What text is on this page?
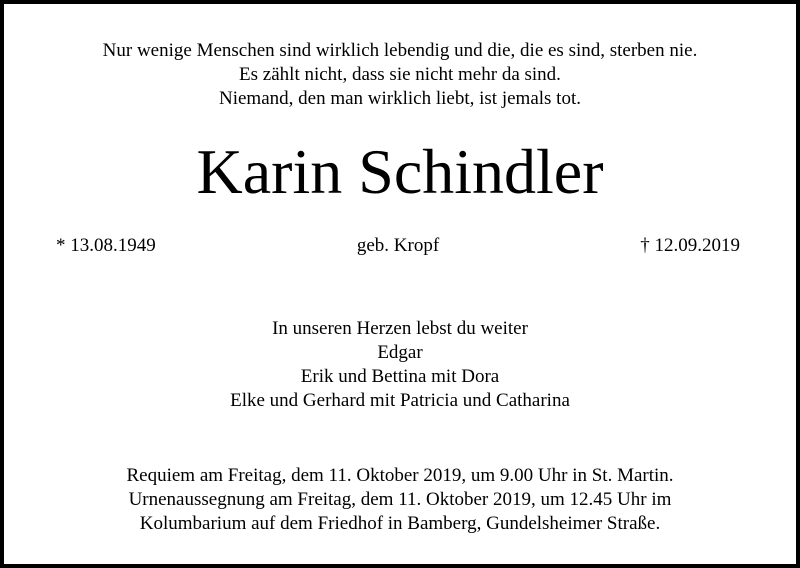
Nur wenige Menschen sind wirklich lebendig und die, die es sind, sterben nie.
Es zählt nicht, dass sie nicht mehr da sind.
Niemand, den man wirklich liebt, ist jemals tot.
Karin Schindler
geb. Kropf
* 13.08.1949	† 12.09.2019
In unseren Herzen lebst du weiter
Edgar
Erik und Bettina mit Dora
Elke und Gerhard mit Patricia und Catharina
Requiem am Freitag, dem 11. Oktober 2019, um 9.00 Uhr in St. Martin.
Urnenaussegnung am Freitag, dem 11. Oktober 2019, um 12.45 Uhr im
Kolumbarium auf dem Friedhof in Bamberg, Gundelsheimer Straße.
